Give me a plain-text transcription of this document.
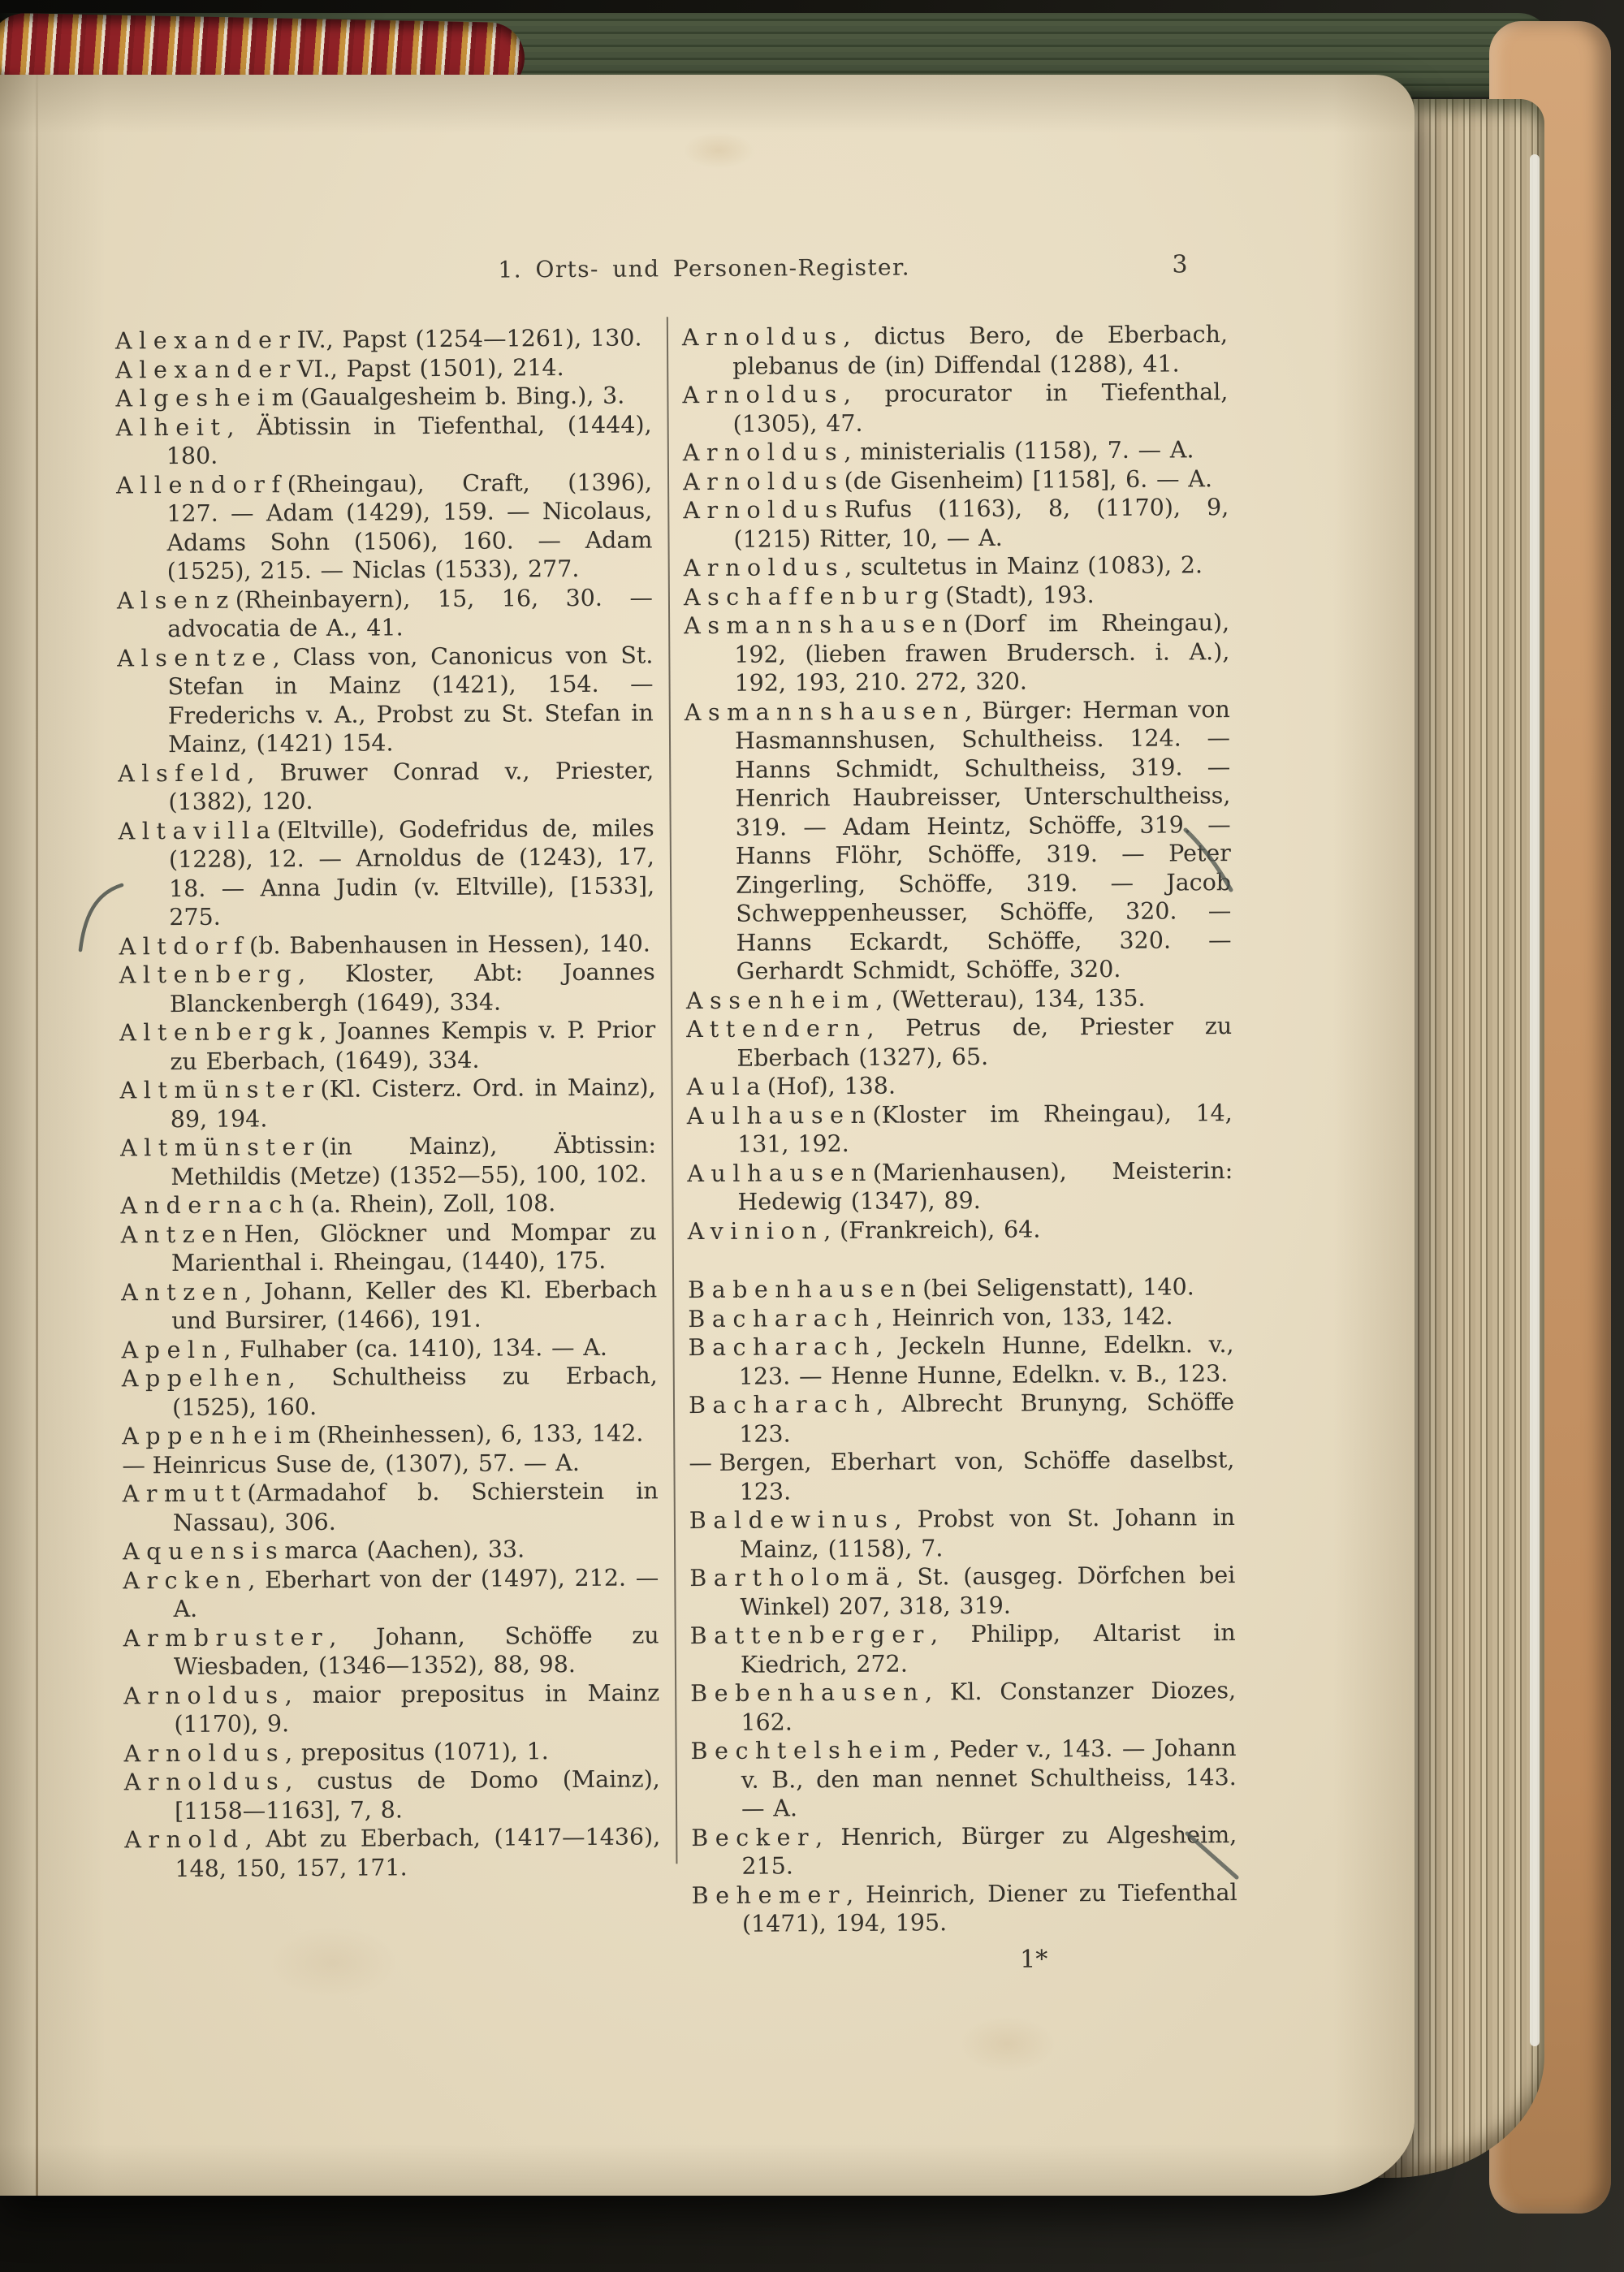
1. Orts- und Personen-Register.	3

AlexanderIV., Papst (1254—1261), 130.

AlexanderVI., Papst (1501), 214.

Algesheim(Gaualgesheim b. Bing.), 3.

Alheit, Äbtissin in Tiefenthal, (1444), 180.

Allendorf(Rheingau), Craft, (1396), 127. — Adam (1429), 159. — Nicolaus, Adams Sohn (1506), 160. — Adam (1525), 215. — Niclas (1533), 277.

Alsenz(Rheinbayern), 15, 16, 30. — advocatia de A., 41.

Alsentze, Class von, Canonicus von St. Stefan in Mainz (1421), 154. — Frederichs v. A., Probst zu St. Stefan in Mainz, (1421) 154.

Alsfeld, Bruwer Conrad v., Priester, (1382), 120.

Altavilla(Eltville), Godefridus de, miles (1228), 12. — Arnoldus de (1243), 17, 18. — Anna Judin (v. Eltville), [1533], 275.

Altdorf(b. Babenhausen in Hessen), 140.

Altenberg, Kloster, Abt: Joannes Blanckenbergh (1649), 334.

Altenbergk, Joannes Kempis v. P. Prior zu Eberbach, (1649), 334.

Altmünster(Kl. Cisterz. Ord. in Mainz), 89, 194.

Altmünster(in Mainz), Äbtissin: Methildis (Metze) (1352—55), 100, 102.

Andernach(a. Rhein), Zoll, 108.

AntzenHen, Glöckner und Mompar zu Marienthal i. Rheingau, (1440), 175.

Antzen, Johann, Keller des Kl. Eberbach und Bursirer, (1466), 191.

Apeln, Fulhaber (ca. 1410), 134. — A.

Appelhen, Schultheiss zu Erbach, (1525), 160.

Appenheim(Rheinhessen), 6, 133, 142.

—Heinricus Suse de, (1307), 57. — A.

Armutt(Armadahof b. Schierstein in Nassau), 306.

Aquensismarca (Aachen), 33.

Arcken, Eberhart von der (1497), 212. — A.

Armbruster, Johann, Schöffe zu Wiesbaden, (1346—1352), 88, 98.

Arnoldus, maior prepositus in Mainz (1170), 9.

Arnoldus, prepositus (1071), 1.

Arnoldus, custus de Domo (Mainz), [1158—1163], 7, 8.

Arnold, Abt zu Eberbach, (1417—1436), 148, 150, 157, 171.

Arnoldus, dictus Bero, de Eberbach, plebanus de (in) Diffendal (1288), 41.

Arnoldus, procurator in Tiefenthal, (1305), 47.

Arnoldus, ministerialis (1158), 7. — A.

Arnoldus(de Gisenheim) [1158], 6. — A.

ArnoldusRufus (1163), 8, (1170), 9, (1215) Ritter, 10, — A.

Arnoldus, scultetus in Mainz (1083), 2.

Aschaffenburg(Stadt), 193.

Asmannshausen(Dorf im Rheingau), 192, (lieben frawen Brudersch. i. A.), 192, 193, 210. 272, 320.

Asmannshausen, Bürger: Herman von Hasmannshusen, Schultheiss. 124. — Hanns Schmidt, Schultheiss, 319. — Henrich Haubreisser, Unterschultheiss, 319. — Adam Heintz, Schöffe, 319. — Hanns Flöhr, Schöffe, 319. — Peter Zingerling, Schöffe, 319. — Jacob Schweppenheusser, Schöffe, 320. — Hanns Eckardt, Schöffe, 320. — Gerhardt Schmidt, Schöffe, 320.

Assenheim, (Wetterau), 134, 135.

Attendern, Petrus de, Priester zu Eberbach (1327), 65.

Aula(Hof), 138.

Aulhausen(Kloster im Rheingau), 14, 131, 192.

Aulhausen(Marienhausen), Meisterin: Hedewig (1347), 89.

Avinion, (Frankreich), 64.

Babenhausen(bei Seligenstatt), 140.

Bacharach, Heinrich von, 133, 142.

Bacharach, Jeckeln Hunne, Edelkn. v., 123. — Henne Hunne, Edelkn. v. B., 123.

Bacharach, Albrecht Brunyng, Schöffe 123.

—Bergen, Eberhart von, Schöffe daselbst, 123.

Baldewinus, Probst von St. Johann in Mainz, (1158), 7.

Bartholomä, St. (ausgeg. Dörfchen bei Winkel) 207, 318, 319.

Battenberger, Philipp, Altarist in Kiedrich, 272.

Bebenhausen, Kl. Constanzer Diozes, 162.

Bechtelsheim, Peder v., 143. — Johann v. B., den man nennet Schultheiss, 143. — A.

Becker, Henrich, Bürger zu Algesheim, 215.

Behemer, Heinrich, Diener zu Tiefenthal (1471), 194, 195.

1*
